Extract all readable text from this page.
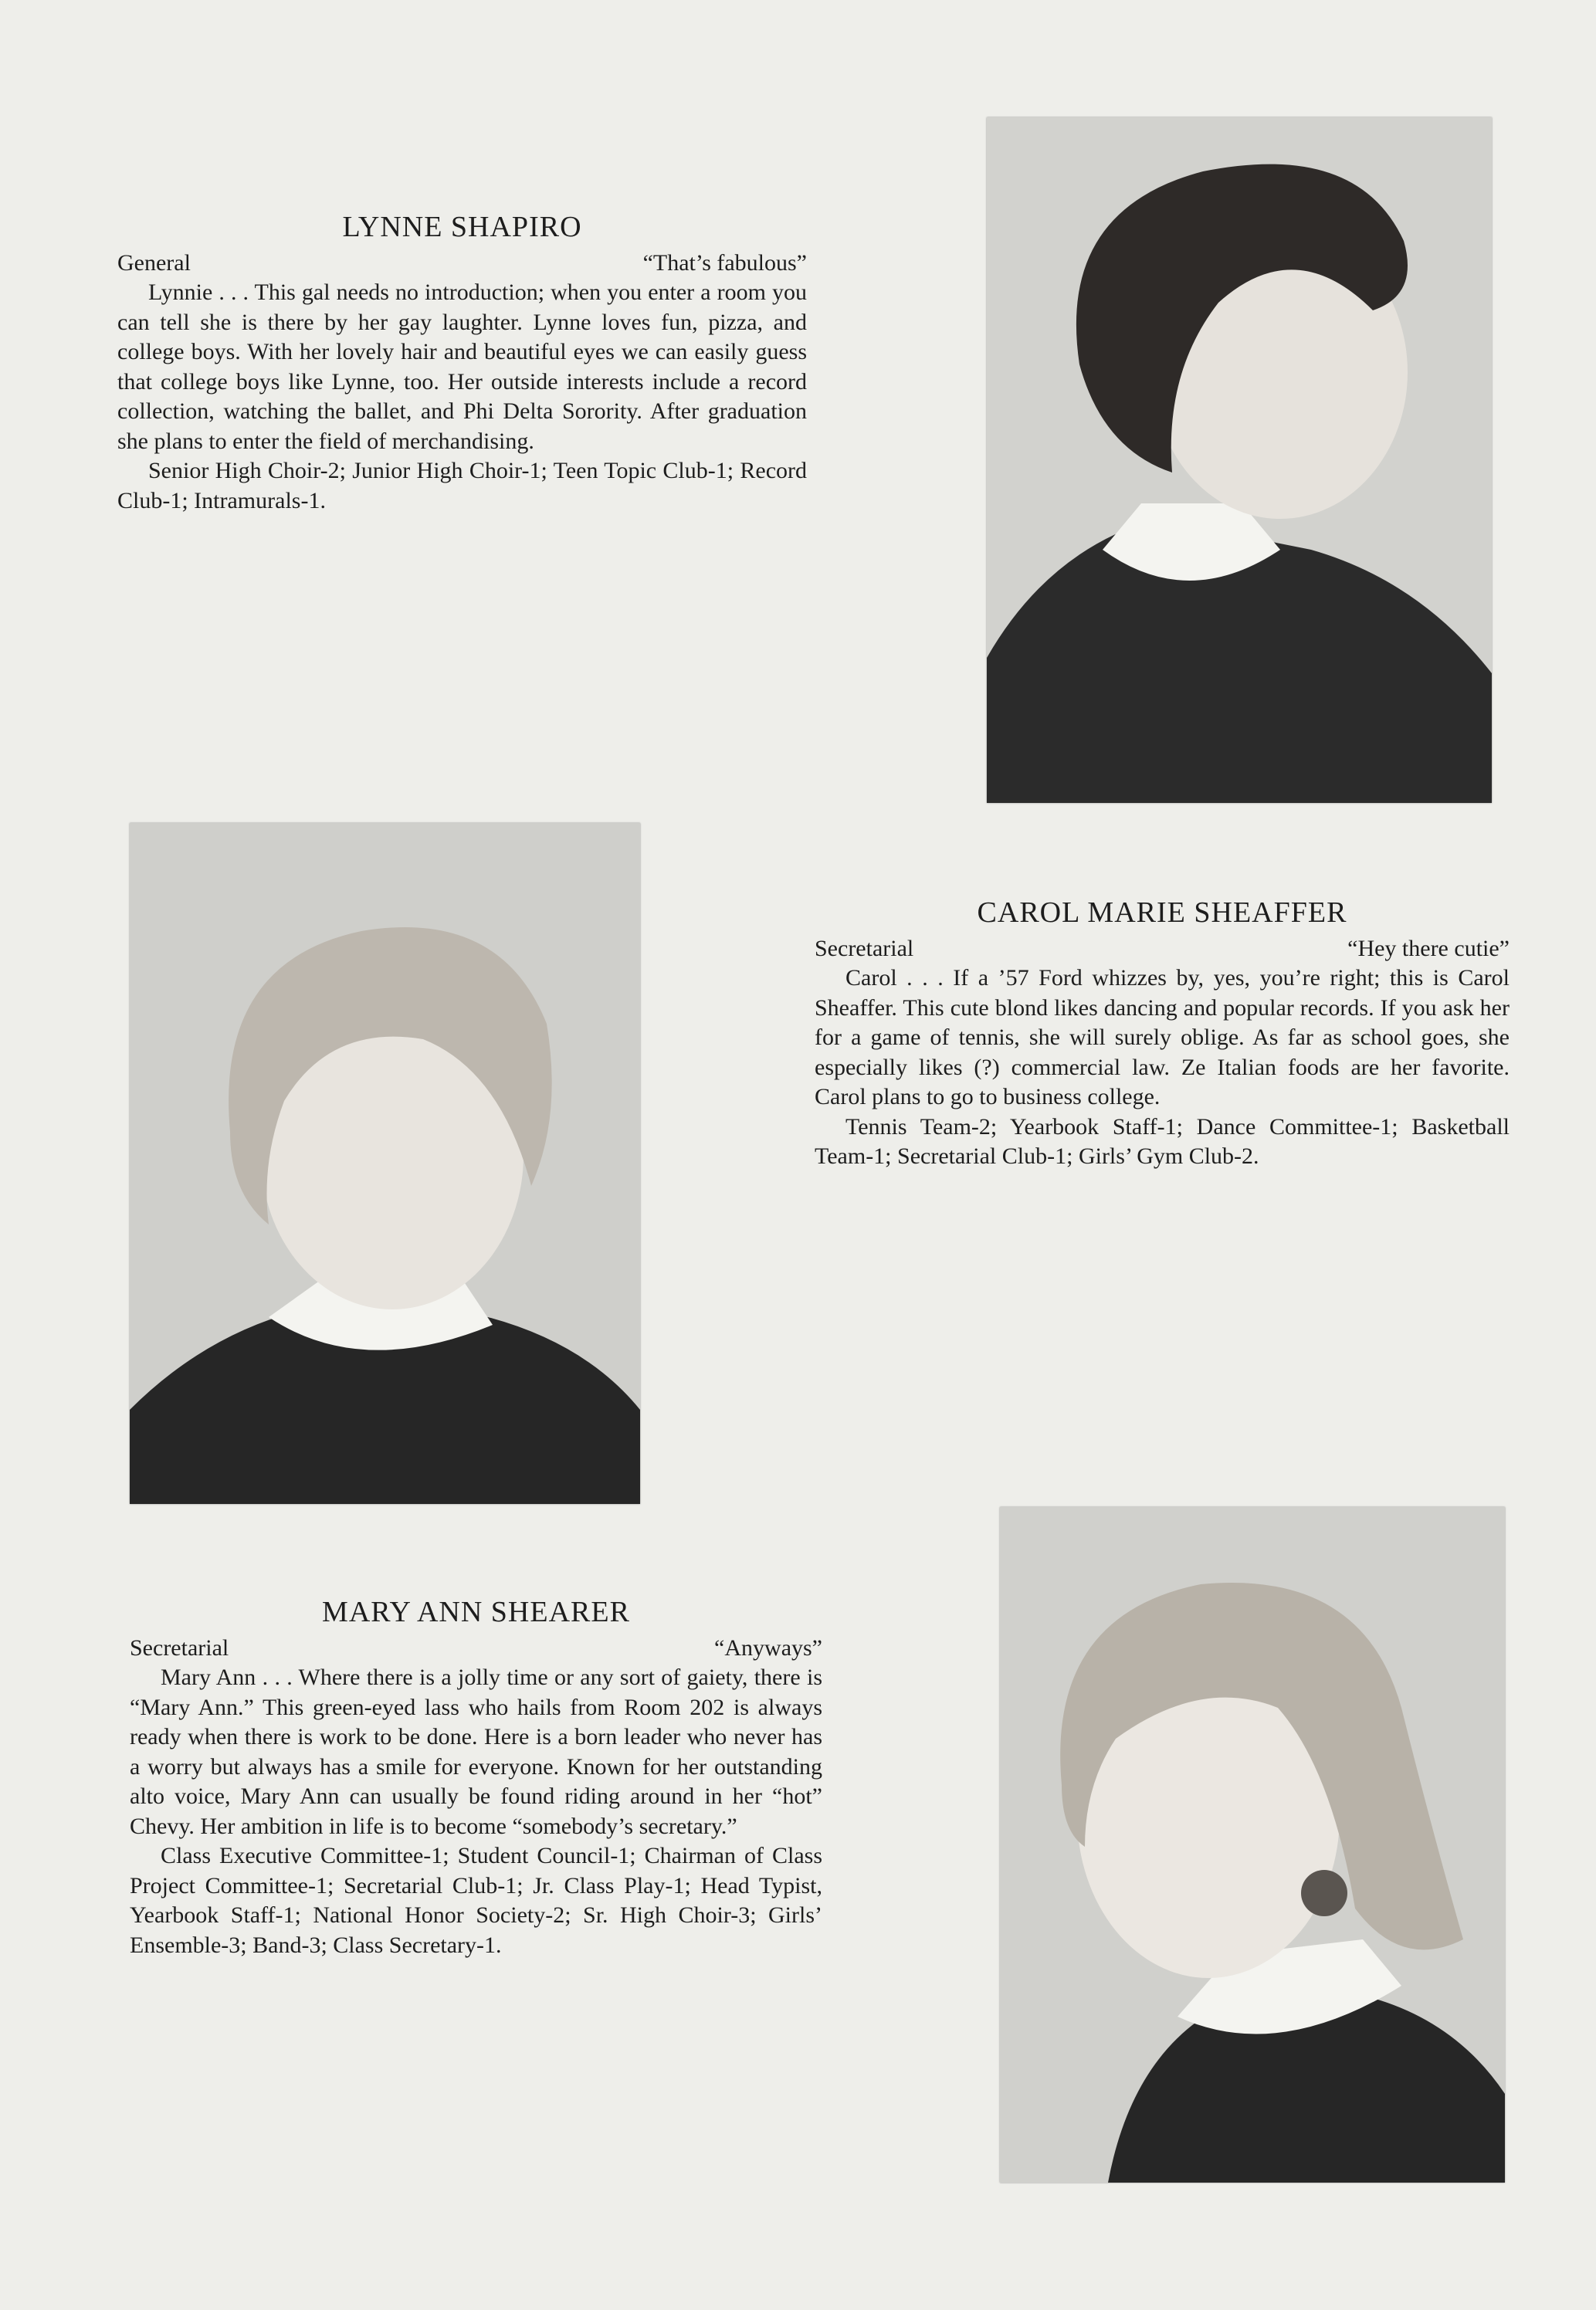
LYNNE SHAPIRO
General	“That’s fabulous”

Lynnie . . . This gal needs no introduction; when you enter a room you can tell she is there by her gay laughter. Lynne loves fun, pizza, and college boys. With her lovely hair and beautiful eyes we can easily guess that college boys like Lynne, too. Her outside interests include a record collection, watching the ballet, and Phi Delta Sorority. After graduation she plans to enter the field of merchandising.

Senior High Choir-2; Junior High Choir-1; Teen Topic Club-1; Record Club-1; Intramurals-1.

CAROL MARIE SHEAFFER
Secretarial	“Hey there cutie”

Carol . . . If a ’57 Ford whizzes by, yes, you’re right; this is Carol Sheaffer. This cute blond likes dancing and popular records. If you ask her for a game of tennis, she will surely oblige. As far as school goes, she especially likes (?) commercial law. Ze Italian foods are her favorite. Carol plans to go to business college.

Tennis Team-2; Yearbook Staff-1; Dance Committee-1; Basketball Team-1; Secretarial Club-1; Girls’ Gym Club-2.

MARY ANN SHEARER
Secretarial	“Anyways”

Mary Ann . . . Where there is a jolly time or any sort of gaiety, there is “Mary Ann.” This green-eyed lass who hails from Room 202 is always ready when there is work to be done. Here is a born leader who never has a worry but always has a smile for everyone. Known for her outstanding alto voice, Mary Ann can usually be found riding around in her “hot” Chevy. Her ambition in life is to become “somebody’s secretary.”

Class Executive Committee-1; Student Council-1; Chairman of Class Project Committee-1; Secretarial Club-1; Jr. Class Play-1; Head Typist, Yearbook Staff-1; National Honor Society-2; Sr. High Choir-3; Girls’ Ensemble-3; Band-3; Class Secretary-1.
